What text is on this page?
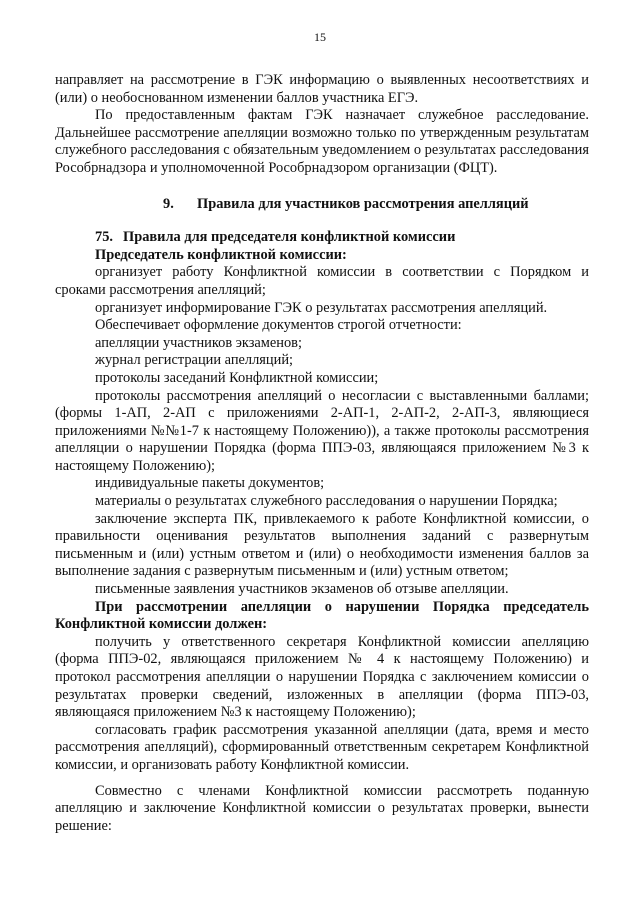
15

направляет на рассмотрение в ГЭК информацию о выявленных несоответствиях и (или) о необоснованном изменении баллов участника ЕГЭ.

По предоставленным фактам ГЭК назначает служебное расследование. Дальнейшее рассмотрение апелляции возможно только по утвержденным результатам служебного расследования с обязательным уведомлением о результатах расследования Рособрнадзора и уполномоченной Рособрнадзором организации (ФЦТ).

9. Правила для участников рассмотрения апелляций

75. Правила для председателя конфликтной комиссии

Председатель конфликтной комиссии:

организует работу Конфликтной комиссии в соответствии с Порядком и сроками рассмотрения апелляций;

организует информирование ГЭК о результатах рассмотрения апелляций.

Обеспечивает оформление документов строгой отчетности:

апелляции участников экзаменов;

журнал регистрации апелляций;

протоколы заседаний Конфликтной комиссии;

протоколы рассмотрения апелляций о несогласии с выставленными баллами; (формы 1-АП, 2-АП с приложениями 2-АП-1, 2-АП-2, 2-АП-3, являющиеся приложениями №№1-7 к настоящему Положению)), а также протоколы рассмотрения апелляции о нарушении Порядка (форма ППЭ-03, являющаяся приложением №3 к настоящему Положению);

индивидуальные пакеты документов;

материалы о результатах служебного расследования о нарушении Порядка;

заключение эксперта ПК, привлекаемого к работе Конфликтной комиссии, о правильности оценивания результатов выполнения заданий с развернутым письменным и (или) устным ответом и (или) о необходимости изменения баллов за выполнение задания с развернутым письменным и (или) устным ответом;

письменные заявления участников экзаменов об отзыве апелляции.

При рассмотрении апелляции о нарушении Порядка председатель Конфликтной комиссии должен:

получить у ответственного секретаря Конфликтной комиссии апелляцию (форма ППЭ-02, являющаяся приложением № 4 к настоящему Положению) и протокол рассмотрения апелляции о нарушении Порядка с заключением комиссии о результатах проверки сведений, изложенных в апелляции (форма ППЭ-03, являющаяся приложением №3 к настоящему Положению);

согласовать график рассмотрения указанной апелляции (дата, время и место рассмотрения апелляций), сформированный ответственным секретарем Конфликтной комиссии, и организовать работу Конфликтной комиссии.

Совместно с членами Конфликтной комиссии рассмотреть поданную апелляцию и заключение Конфликтной комиссии о результатах проверки, вынести решение:
